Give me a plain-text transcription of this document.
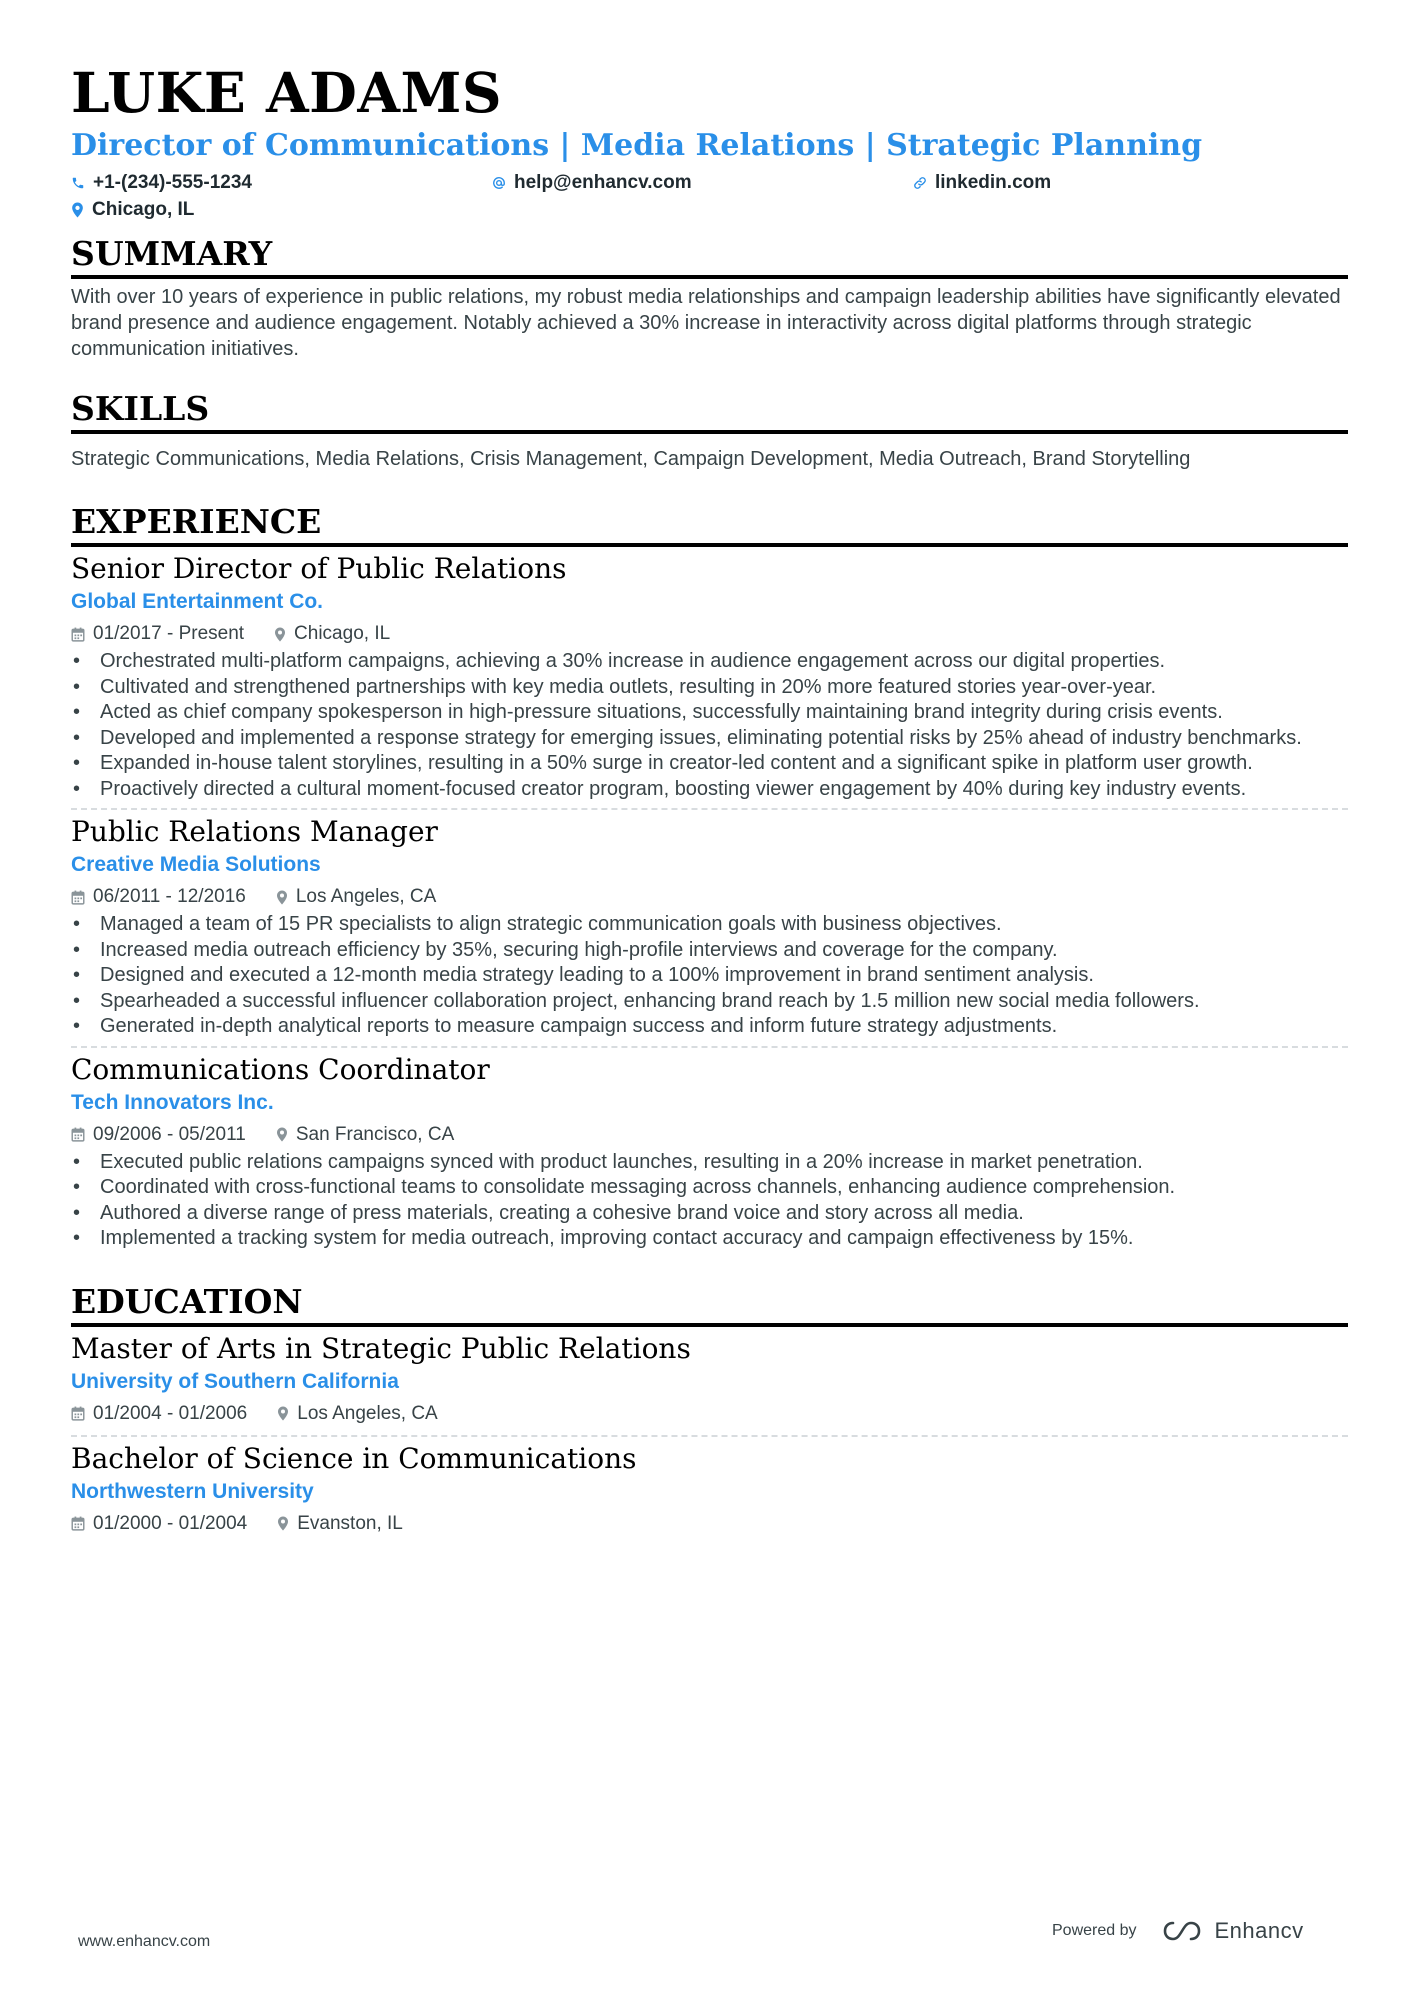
LUKE ADAMS
Director of Communications | Media Relations | Strategic Planning
+1-(234)-555-1234	help@enhancv.com	linkedin.com
Chicago, IL
SUMMARY
With over 10 years of experience in public relations, my robust media relationships and campaign leadership abilities have significantly elevated brand presence and audience engagement. Notably achieved a 30% increase in interactivity across digital platforms through strategic communication initiatives.
SKILLS
Strategic Communications, Media Relations, Crisis Management, Campaign Development, Media Outreach, Brand Storytelling
EXPERIENCE
Senior Director of Public Relations
Global Entertainment Co.
01/2017 - Present	Chicago, IL
• Orchestrated multi-platform campaigns, achieving a 30% increase in audience engagement across our digital properties.
• Cultivated and strengthened partnerships with key media outlets, resulting in 20% more featured stories year-over-year.
• Acted as chief company spokesperson in high-pressure situations, successfully maintaining brand integrity during crisis events.
• Developed and implemented a response strategy for emerging issues, eliminating potential risks by 25% ahead of industry benchmarks.
• Expanded in-house talent storylines, resulting in a 50% surge in creator-led content and a significant spike in platform user growth.
• Proactively directed a cultural moment-focused creator program, boosting viewer engagement by 40% during key industry events.
Public Relations Manager
Creative Media Solutions
06/2011 - 12/2016	Los Angeles, CA
• Managed a team of 15 PR specialists to align strategic communication goals with business objectives.
• Increased media outreach efficiency by 35%, securing high-profile interviews and coverage for the company.
• Designed and executed a 12-month media strategy leading to a 100% improvement in brand sentiment analysis.
• Spearheaded a successful influencer collaboration project, enhancing brand reach by 1.5 million new social media followers.
• Generated in-depth analytical reports to measure campaign success and inform future strategy adjustments.
Communications Coordinator
Tech Innovators Inc.
09/2006 - 05/2011	San Francisco, CA
• Executed public relations campaigns synced with product launches, resulting in a 20% increase in market penetration.
• Coordinated with cross-functional teams to consolidate messaging across channels, enhancing audience comprehension.
• Authored a diverse range of press materials, creating a cohesive brand voice and story across all media.
• Implemented a tracking system for media outreach, improving contact accuracy and campaign effectiveness by 15%.
EDUCATION
Master of Arts in Strategic Public Relations
University of Southern California
01/2004 - 01/2006	Los Angeles, CA
Bachelor of Science in Communications
Northwestern University
01/2000 - 01/2004	Evanston, IL
www.enhancv.com
Powered by	Enhancv
